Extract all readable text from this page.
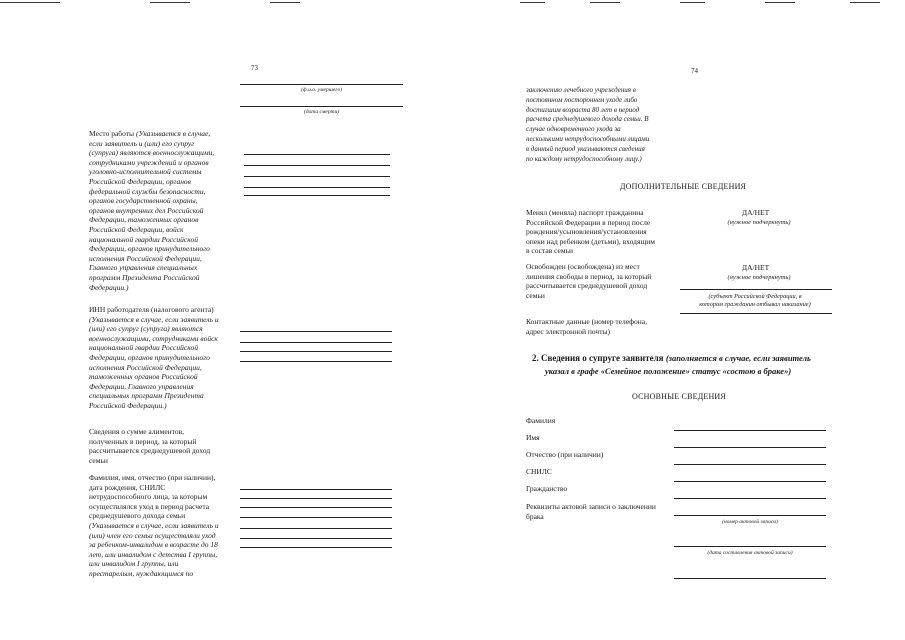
73
(ф.и.о. умершего)
(дата смерти)
Место работы (Указывается в случае,
если заявитель и (или) его супруг
(супруга) являются военнослужащими,
сотрудниками учреждений и органов
уголовно-исполнительной системы
Российской Федерации, органов
федеральной службы безопасности,
органов государственной охраны,
органов внутренних дел Российской
Федерации, таможенных органов
Российской Федерации, войск
национальной гвардии Российской
Федерации, органов принудительного
исполнения Российской Федерации,
Главного управления специальных
программ Президента Российской
Федерации.)
ИНН работодателя (налогового агента)
(Указывается в случае, если заявитель и
(или) его супруг (супруга) являются
военнослужащими, сотрудниками войск
национальной гвардии Российской
Федерации, органов принудительного
исполнения Российской Федерации,
таможенных органов Российской
Федерации, Главного управления
специальных программ Президента
Российской Федерации.)
Сведения о сумме алиментов,
полученных в период, за который
рассчитывается среднедушевой доход
семьи
Фамилия, имя, отчество (при наличии),
дата рождения, СНИЛС
нетрудоспособного лица, за которым
осуществлялся уход в период расчета
среднедушевого дохода семьи
(Указывается в случае, если заявитель и
(или) член его семьи осуществляли уход
за ребенком-инвалидом в возрасте до 18
лет, или инвалидом с детства I группы,
или инвалидом I группы, или
престарелым, нуждающимся по
74
заключению лечебного учреждения в
постоянном постороннем уходе либо
достигшим возраста 80 лет в период
расчета среднедушевого дохода семьи. В
случае одновременного ухода за
несколькими нетрудоспособными лицами
в данный период указываются сведения
по каждому нетрудоспособному лицу.)
ДОПОЛНИТЕЛЬНЫЕ СВЕДЕНИЯ
Менял (меняла) паспорт гражданина
Российской Федерации в период после
рождения/усыновления/установления
опеки над ребенком (детьми), входящим
в состав семьи
ДА/НЕТ
(нужное подчеркнуть)
Освобожден (освобождена) из мест
лишения свободы в период, за который
рассчитывается среднедушевой доход
семьи
ДА/НЕТ
(нужное подчеркнуть)
(субъект Российской Федерации, в
котором гражданин отбывал наказание)
Контактные данные (номер телефона,
адрес электронной почты)
2. Сведения о супруге заявителя (заполняется в случае, если заявитель
указал в графе «Семейное положение» статус «состою в браке»)
ОСНОВНЫЕ СВЕДЕНИЯ
Фамилия
Имя
Отчество (при наличии)
СНИЛС
Гражданство
Реквизиты актовой записи о заключении
брака
(номер актовой записи)
(дата составления актовой записи)
